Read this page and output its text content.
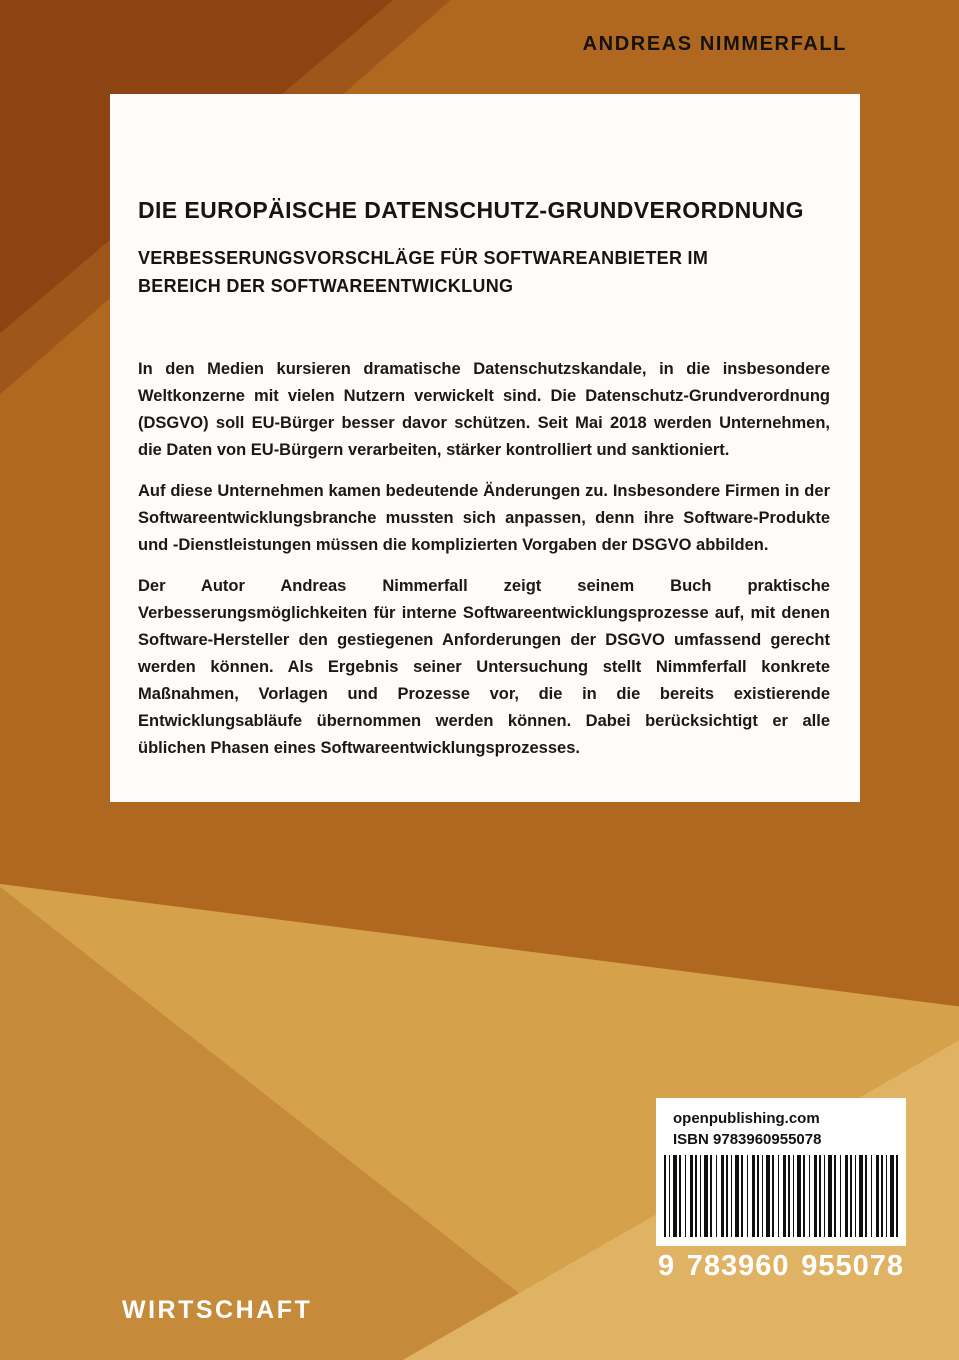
ANDREAS NIMMERFALL
DIE EUROPÄISCHE DATENSCHUTZ-GRUNDVERORDNUNG
VERBESSERUNGSVORSCHLÄGE FÜR SOFTWAREANBIETER IM
BEREICH DER SOFTWAREENTWICKLUNG

In den Medien kursieren dramatische Datenschutzskandale, in die insbesondere Weltkonzerne mit vielen Nutzern verwickelt sind. Die Datenschutz-Grundverordnung (DSGVO) soll EU-Bürger besser davor schützen. Seit Mai 2018 werden Unternehmen, die Daten von EU-Bürgern verarbeiten, stärker kontrolliert und sanktioniert.

Auf diese Unternehmen kamen bedeutende Änderungen zu. Insbesondere Firmen in der Softwareentwicklungsbranche mussten sich anpassen, denn ihre Software-Produkte und -Dienstleistungen müssen die komplizierten Vorgaben der DSGVO abbilden.

Der Autor Andreas Nimmerfall zeigt seinem Buch praktische Verbesserungsmöglichkeiten für interne Softwareentwicklungsprozesse auf, mit denen Software-Hersteller den gestiegenen Anforderungen der DSGVO umfassend gerecht werden können. Als Ergebnis seiner Untersuchung stellt Nimmferfall konkrete Maßnahmen, Vorlagen und Prozesse vor, die in die bereits existierende Entwicklungsabläufe übernommen werden können. Dabei berücksichtigt er alle üblichen Phasen eines Softwareentwicklungsprozesses.

openpublishing.com
ISBN 9783960955078
9 783960 955078
WIRTSCHAFT
